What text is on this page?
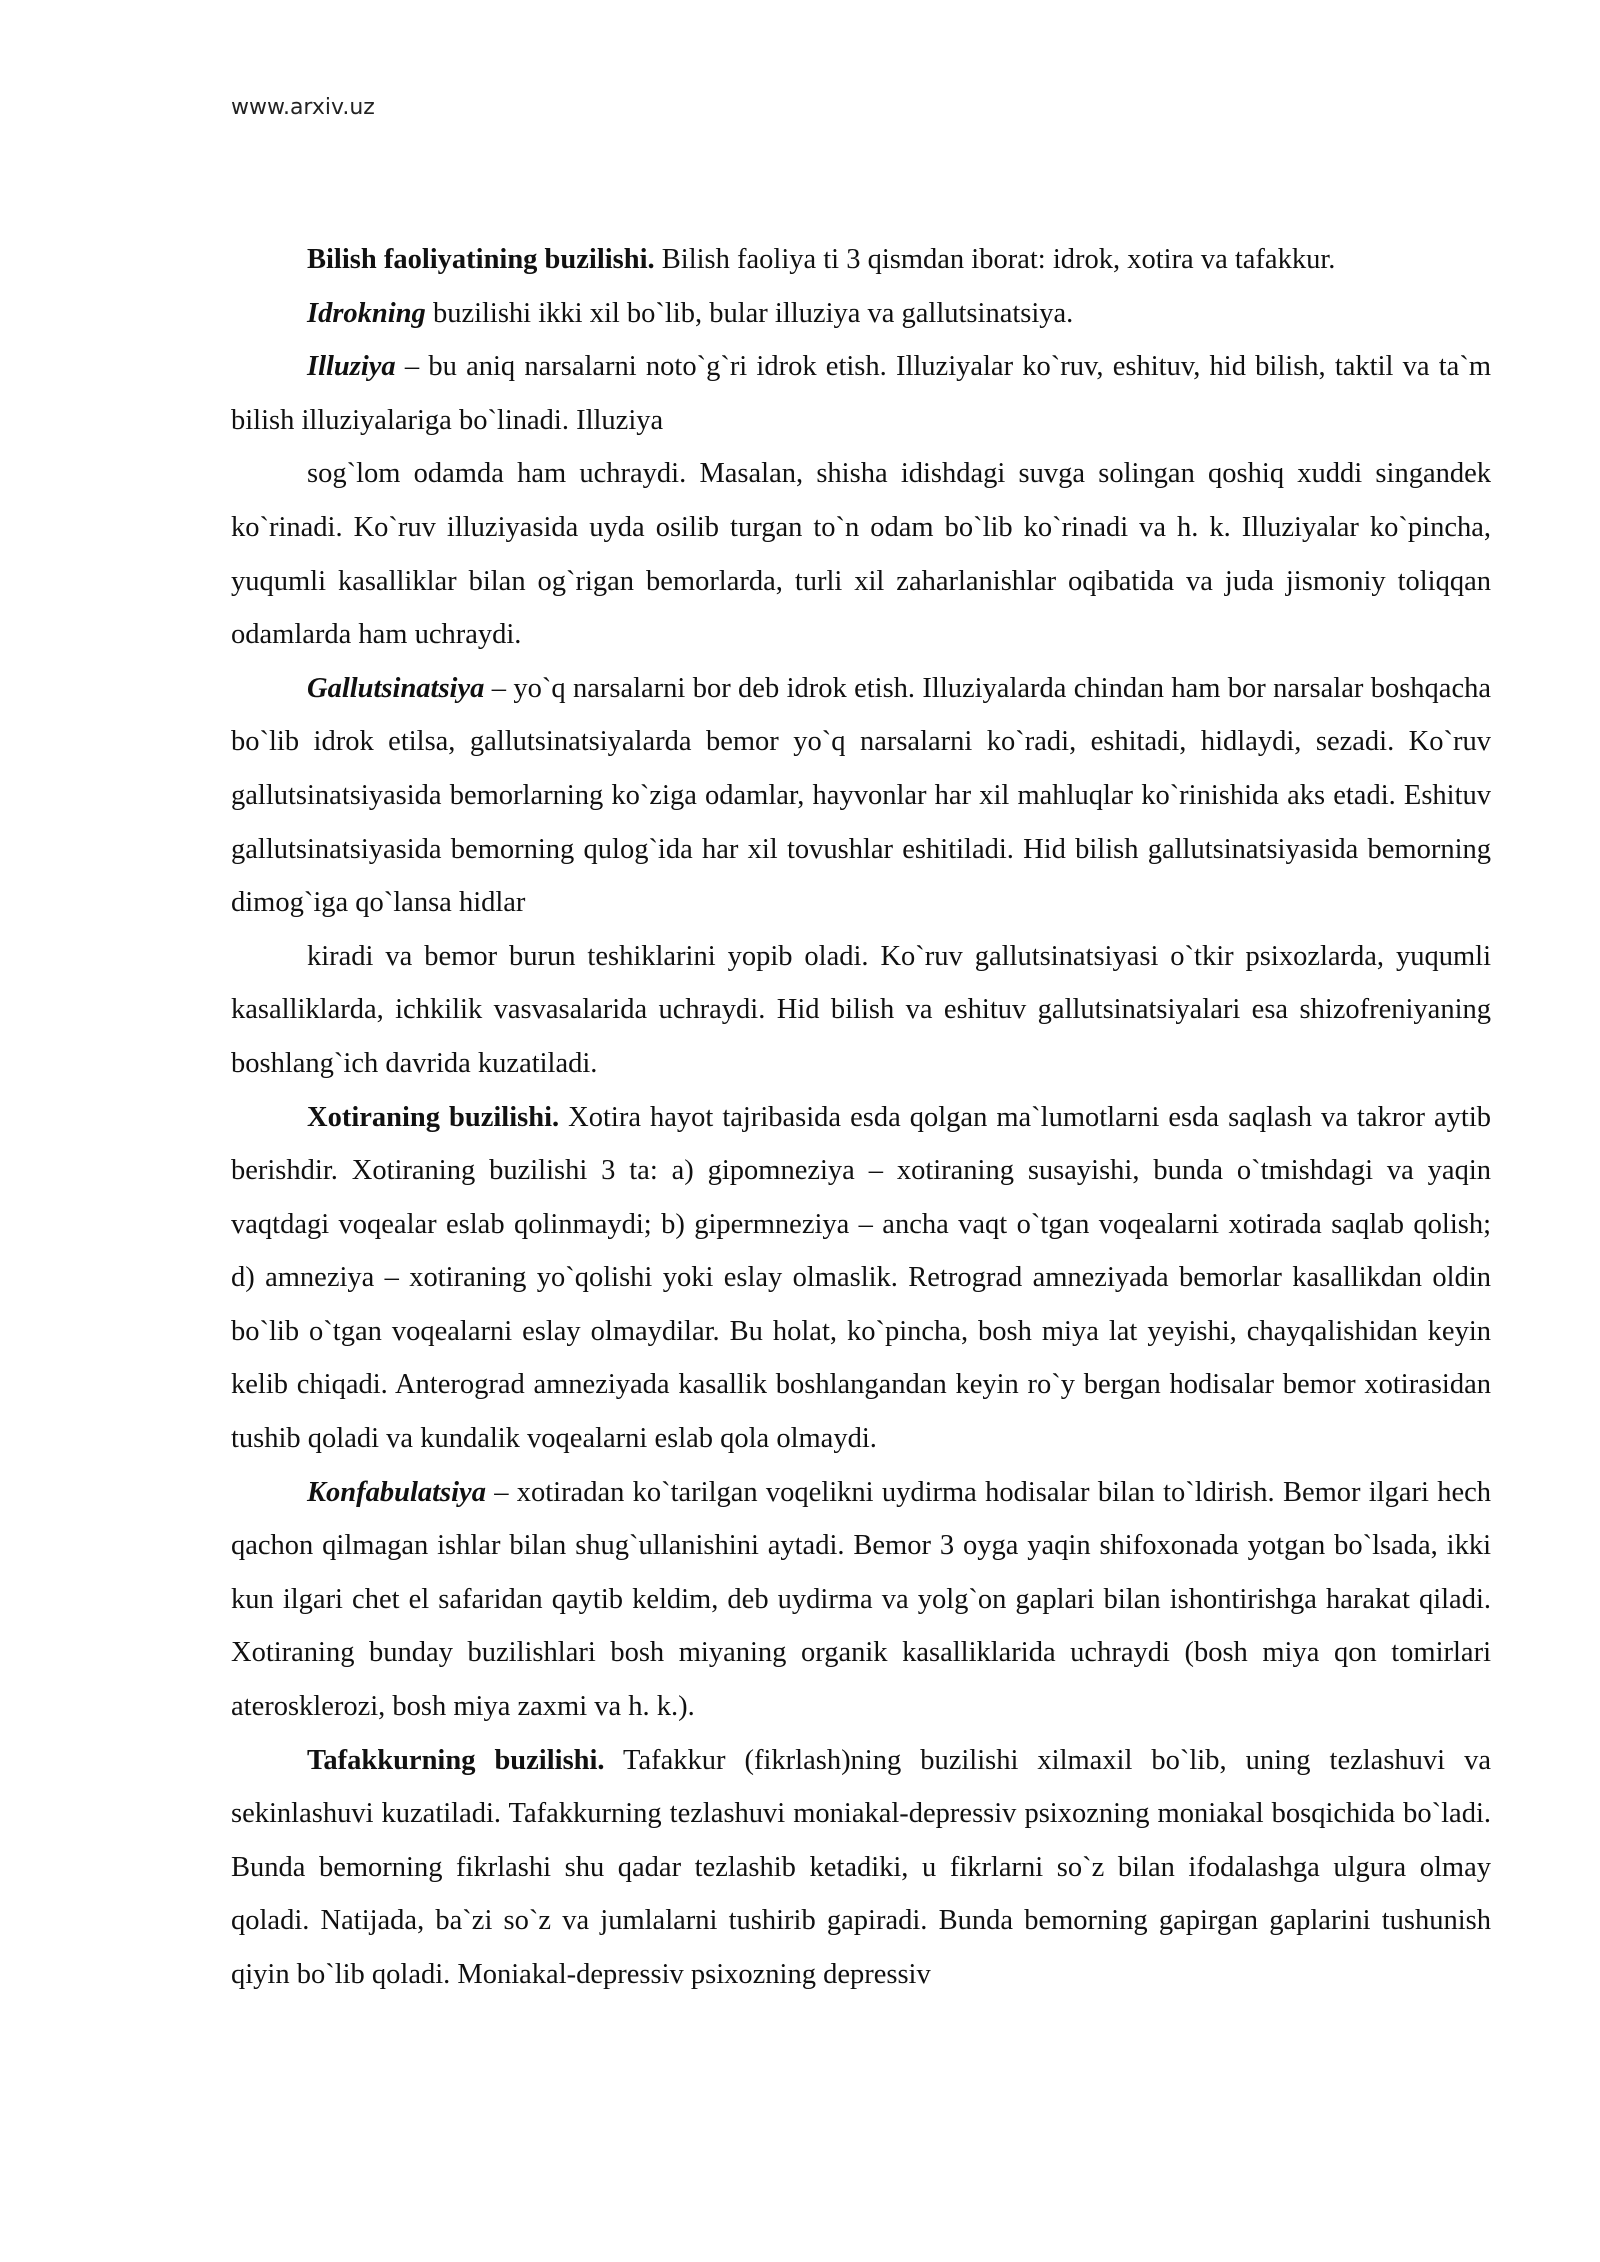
www.arxiv.uz

Bilish faoliyatining buzilishi. Bilish faoliya ti 3 qismdan iborat: idrok, xotira va tafakkur.

Idrokning buzilishi ikki xil bo`lib, bular illuziya va gallutsinatsiya.

Illuziya – bu aniq narsalarni noto`g`ri idrok etish. Illuziyalar ko`ruv, eshituv, hid bilish, taktil va ta`m bilish illuziyalariga bo`linadi. Illuziya

sog`lom odamda ham uchraydi. Masalan, shisha idishdagi suvga solingan qoshiq xuddi singandek ko`rinadi. Ko`ruv illuziyasida uyda osilib turgan to`n odam bo`lib ko`rinadi va h. k. Illuziyalar ko`pincha, yuqumli kasalliklar bilan og`rigan bemorlarda, turli xil zaharlanishlar oqibatida va juda jismoniy toliqqan odamlarda ham uchraydi.

Gallutsinatsiya – yo`q narsalarni bor deb idrok etish. Illuziyalarda chindan ham bor narsalar boshqacha bo`lib idrok etilsa, gallutsinatsiyalarda bemor yo`q narsalarni ko`radi, eshitadi, hidlaydi, sezadi. Ko`ruv gallutsinatsiyasida bemorlarning ko`ziga odamlar, hayvonlar har xil mahluqlar ko`rinishida aks etadi. Eshituv gallutsinatsiyasida bemorning qulog`ida har xil tovushlar eshitiladi. Hid bilish gallutsinatsiyasida bemorning dimog`iga qo`lansa hidlar

kiradi va bemor burun teshiklarini yopib oladi. Ko`ruv gallutsinatsiyasi o`tkir psixozlarda, yuqumli kasalliklarda, ichkilik vasvasalarida uchraydi. Hid bilish va eshituv gallutsinatsiyalari esa shizofreniyaning boshlang`ich davrida kuzatiladi.

Xotiraning buzilishi. Xotira hayot tajribasida esda qolgan ma`lumotlarni esda saqlash va takror aytib berishdir. Xotiraning buzilishi 3 ta: a) gipomneziya – xotiraning susayishi, bunda o`tmishdagi va yaqin vaqtdagi voqealar eslab qolinmaydi; b) gipermneziya – ancha vaqt o`tgan voqealarni xotirada saqlab qolish; d) amneziya – xotiraning yo`qolishi yoki eslay olmaslik. Retrograd amneziyada bemorlar kasallikdan oldin bo`lib o`tgan voqealarni eslay olmaydilar. Bu holat, ko`pincha, bosh miya lat yeyishi, chayqalishidan keyin kelib chiqadi. Anterograd amneziyada kasallik boshlangandan keyin ro`y bergan hodisalar bemor xotirasidan tushib qoladi va kundalik voqealarni eslab qola olmaydi.

Konfabulatsiya – xotiradan ko`tarilgan voqelikni uydirma hodisalar bilan to`ldirish. Bemor ilgari hech qachon qilmagan ishlar bilan shug`ullanishini aytadi. Bemor 3 oyga yaqin shifoxonada yotgan bo`lsada, ikki kun ilgari chet el safaridan qaytib keldim, deb uydirma va yolg`on gaplari bilan ishontirishga harakat qiladi. Xotiraning bunday buzilishlari bosh miyaning organik kasalliklarida uchraydi (bosh miya qon tomirlari aterosklerozi, bosh miya zaxmi va h. k.).

Tafakkurning buzilishi. Tafakkur (fikrlash)ning buzilishi xilmaxil bo`lib, uning tezlashuvi va sekinlashuvi kuzatiladi. Tafakkurning tezlashuvi moniakal-depressiv psixozning moniakal bosqichida bo`ladi. Bunda bemorning fikrlashi shu qadar tezlashib ketadiki, u fikrlarni so`z bilan ifodalashga ulgura olmay qoladi. Natijada, ba`zi so`z va jumlalarni tushirib gapiradi. Bunda bemorning gapirgan gaplarini tushunish qiyin bo`lib qoladi. Moniakal-depressiv psixozning depressiv
